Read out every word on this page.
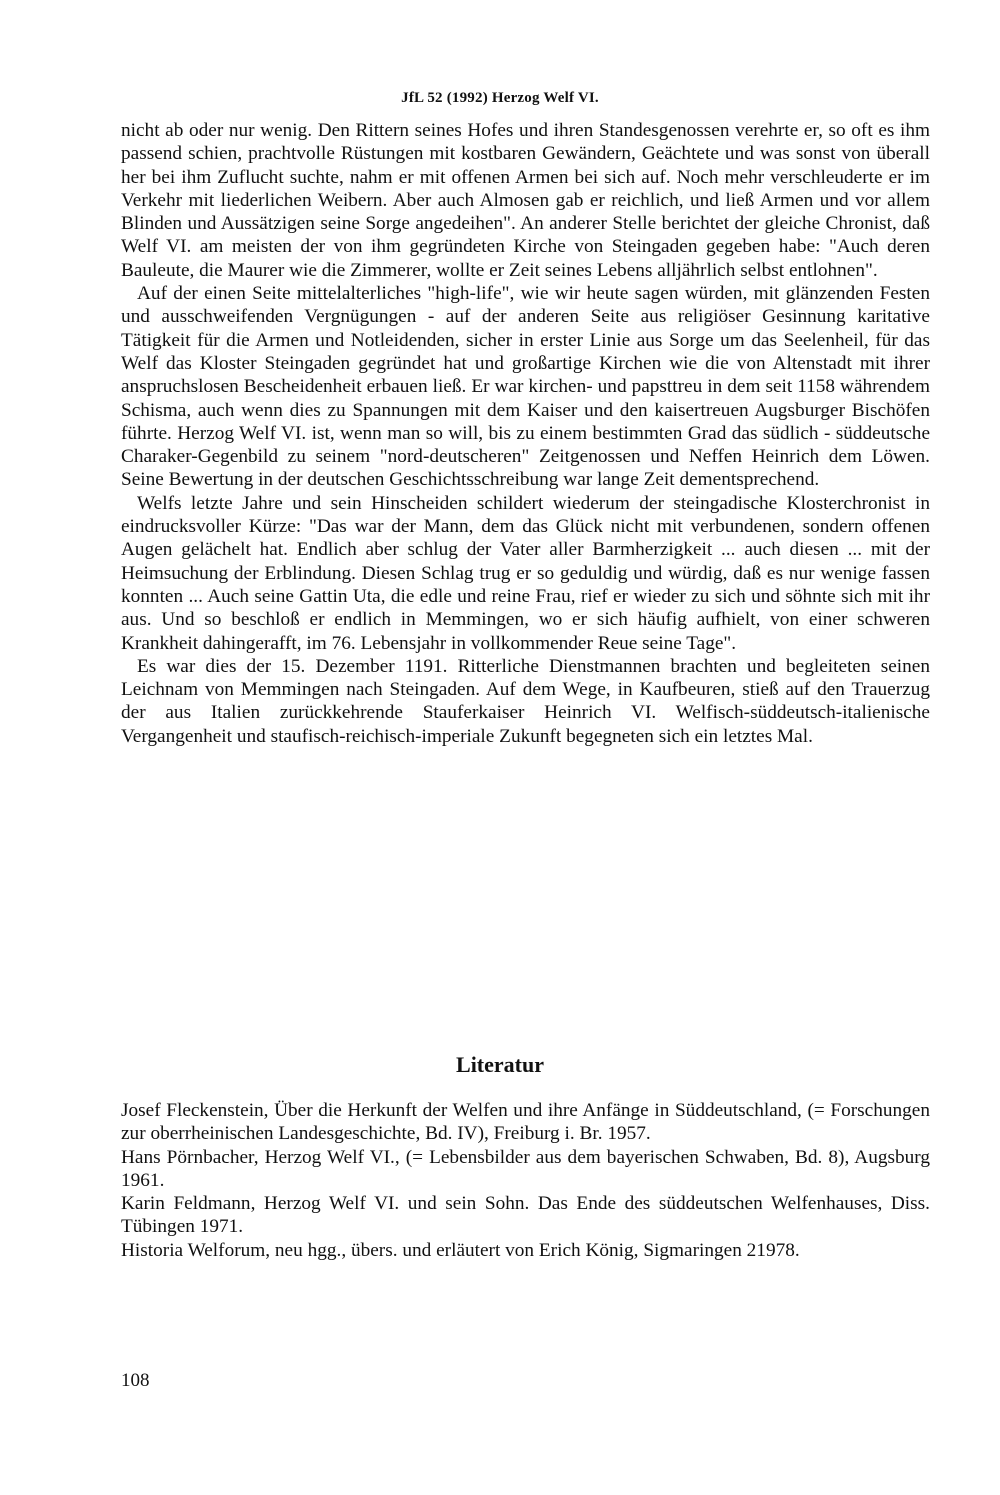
JfL 52 (1992) Herzog Welf VI.

nicht ab oder nur wenig. Den Rittern seines Hofes und ihren Standesgenossen verehrte er, so oft es ihm passend schien, prachtvolle Rüstungen mit kostbaren Gewändern, Geächtete und was sonst von überall her bei ihm Zuflucht suchte, nahm er mit offenen Armen bei sich auf. Noch mehr verschleuderte er im Verkehr mit liederlichen Weibern. Aber auch Almosen gab er reichlich, und ließ Armen und vor allem Blinden und Aussätzigen seine Sorge angedeihen". An anderer Stelle berichtet der gleiche Chronist, daß Welf VI. am meisten der von ihm gegründeten Kirche von Steingaden gegeben habe: "Auch deren Bauleute, die Maurer wie die Zimmerer, wollte er Zeit seines Lebens alljährlich selbst entlohnen".

Auf der einen Seite mittelalterliches "high-life", wie wir heute sagen würden, mit glänzenden Festen und ausschweifenden Vergnügungen - auf der anderen Seite aus religiöser Gesinnung karitative Tätigkeit für die Armen und Notleidenden, sicher in erster Linie aus Sorge um das Seelenheil, für das Welf das Kloster Steingaden gegründet hat und großartige Kirchen wie die von Altenstadt mit ihrer anspruchslosen Bescheidenheit erbauen ließ. Er war kirchen- und papsttreu in dem seit 1158 währendem Schisma, auch wenn dies zu Spannungen mit dem Kaiser und den kaisertreuen Augsburger Bischöfen führte. Herzog Welf VI. ist, wenn man so will, bis zu einem bestimmten Grad das südlich - süddeutsche Charaker-Gegenbild zu seinem "nord-deutscheren" Zeitgenossen und Neffen Heinrich dem Löwen. Seine Bewertung in der deutschen Geschichtsschreibung war lange Zeit dementsprechend.

Welfs letzte Jahre und sein Hinscheiden schildert wiederum der steingadische Klosterchronist in eindrucksvoller Kürze: "Das war der Mann, dem das Glück nicht mit verbundenen, sondern offenen Augen gelächelt hat. Endlich aber schlug der Vater aller Barmherzigkeit ... auch diesen ... mit der Heimsuchung der Erblindung. Diesen Schlag trug er so geduldig und würdig, daß es nur wenige fassen konnten ... Auch seine Gattin Uta, die edle und reine Frau, rief er wieder zu sich und söhnte sich mit ihr aus. Und so beschloß er endlich in Memmingen, wo er sich häufig aufhielt, von einer schweren Krankheit dahingerafft, im 76. Lebensjahr in vollkommender Reue seine Tage".

Es war dies der 15. Dezember 1191. Ritterliche Dienstmannen brachten und begleiteten seinen Leichnam von Memmingen nach Steingaden. Auf dem Wege, in Kaufbeuren, stieß auf den Trauerzug der aus Italien zurückkehrende Stauferkaiser Heinrich VI. Welfisch-süddeutsch-italienische Vergangenheit und staufisch-reichisch-imperiale Zukunft begegneten sich ein letztes Mal.

Literatur

Josef Fleckenstein, Über die Herkunft der Welfen und ihre Anfänge in Süddeutschland, (= Forschungen zur oberrheinischen Landesgeschichte, Bd. IV), Freiburg i. Br. 1957.

Hans Pörnbacher, Herzog Welf VI., (= Lebensbilder aus dem bayerischen Schwaben, Bd. 8), Augsburg 1961.

Karin Feldmann, Herzog Welf VI. und sein Sohn. Das Ende des süddeutschen Welfenhauses, Diss. Tübingen 1971.

Historia Welforum, neu hgg., übers. und erläutert von Erich König, Sigmaringen 21978.

108
